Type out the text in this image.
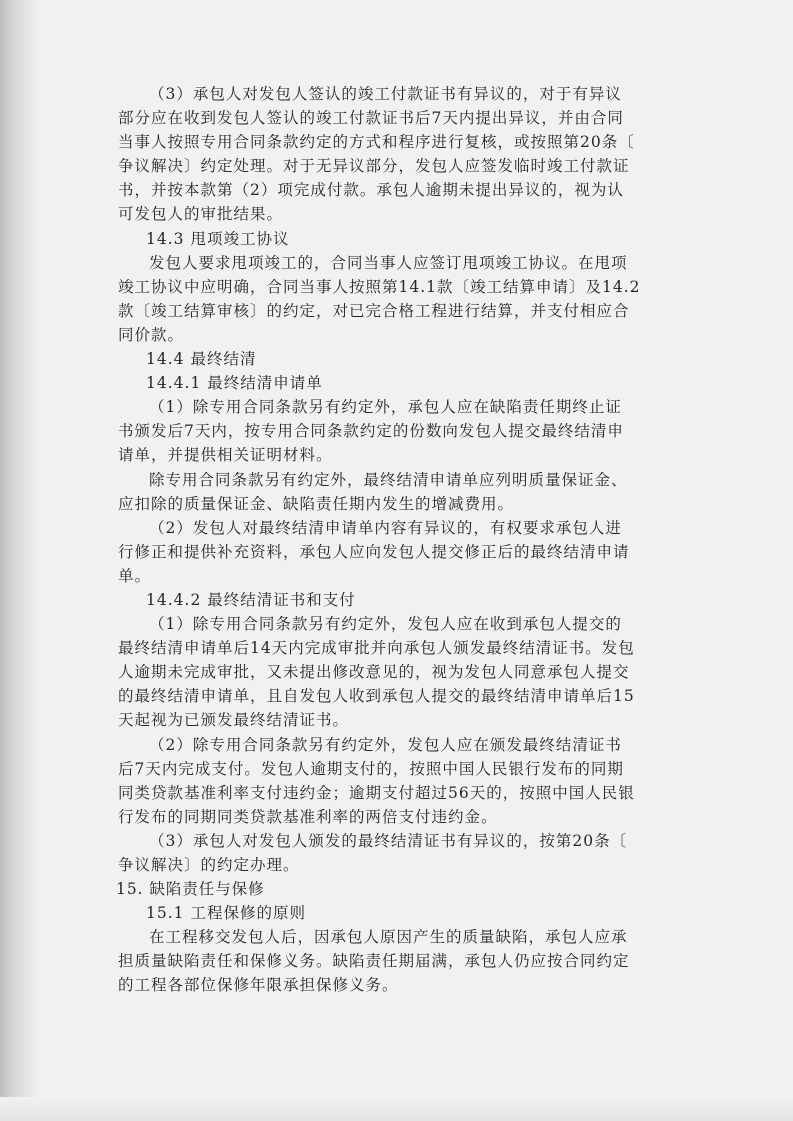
（3）承包人对发包人签认的竣工付款证书有异议的，对于有异议
部分应在收到发包人签认的竣工付款证书后7天内提出异议，并由合同
当事人按照专用合同条款约定的方式和程序进行复核，或按照第20条〔
争议解决〕约定处理。对于无异议部分，发包人应签发临时竣工付款证
书，并按本款第（2）项完成付款。承包人逾期未提出异议的，视为认
可发包人的审批结果。
14.3 甩项竣工协议
发包人要求甩项竣工的，合同当事人应签订甩项竣工协议。在甩项
竣工协议中应明确，合同当事人按照第14.1款〔竣工结算申请〕及14.2
款〔竣工结算审核〕的约定，对已完合格工程进行结算，并支付相应合
同价款。
14.4 最终结清
14.4.1 最终结清申请单
（1）除专用合同条款另有约定外，承包人应在缺陷责任期终止证
书颁发后7天内，按专用合同条款约定的份数向发包人提交最终结清申
请单，并提供相关证明材料。
除专用合同条款另有约定外，最终结清申请单应列明质量保证金、
应扣除的质量保证金、缺陷责任期内发生的增减费用。
（2）发包人对最终结清申请单内容有异议的，有权要求承包人进
行修正和提供补充资料，承包人应向发包人提交修正后的最终结清申请
单。
14.4.2 最终结清证书和支付
（1）除专用合同条款另有约定外，发包人应在收到承包人提交的
最终结清申请单后14天内完成审批并向承包人颁发最终结清证书。发包
人逾期未完成审批，又未提出修改意见的，视为发包人同意承包人提交
的最终结清申请单，且自发包人收到承包人提交的最终结清申请单后15
天起视为已颁发最终结清证书。
（2）除专用合同条款另有约定外，发包人应在颁发最终结清证书
后7天内完成支付。发包人逾期支付的，按照中国人民银行发布的同期
同类贷款基准利率支付违约金；逾期支付超过56天的，按照中国人民银
行发布的同期同类贷款基准利率的两倍支付违约金。
（3）承包人对发包人颁发的最终结清证书有异议的，按第20条〔
争议解决〕的约定办理。
15. 缺陷责任与保修
15.1 工程保修的原则
在工程移交发包人后，因承包人原因产生的质量缺陷，承包人应承
担质量缺陷责任和保修义务。缺陷责任期届满，承包人仍应按合同约定
的工程各部位保修年限承担保修义务。
